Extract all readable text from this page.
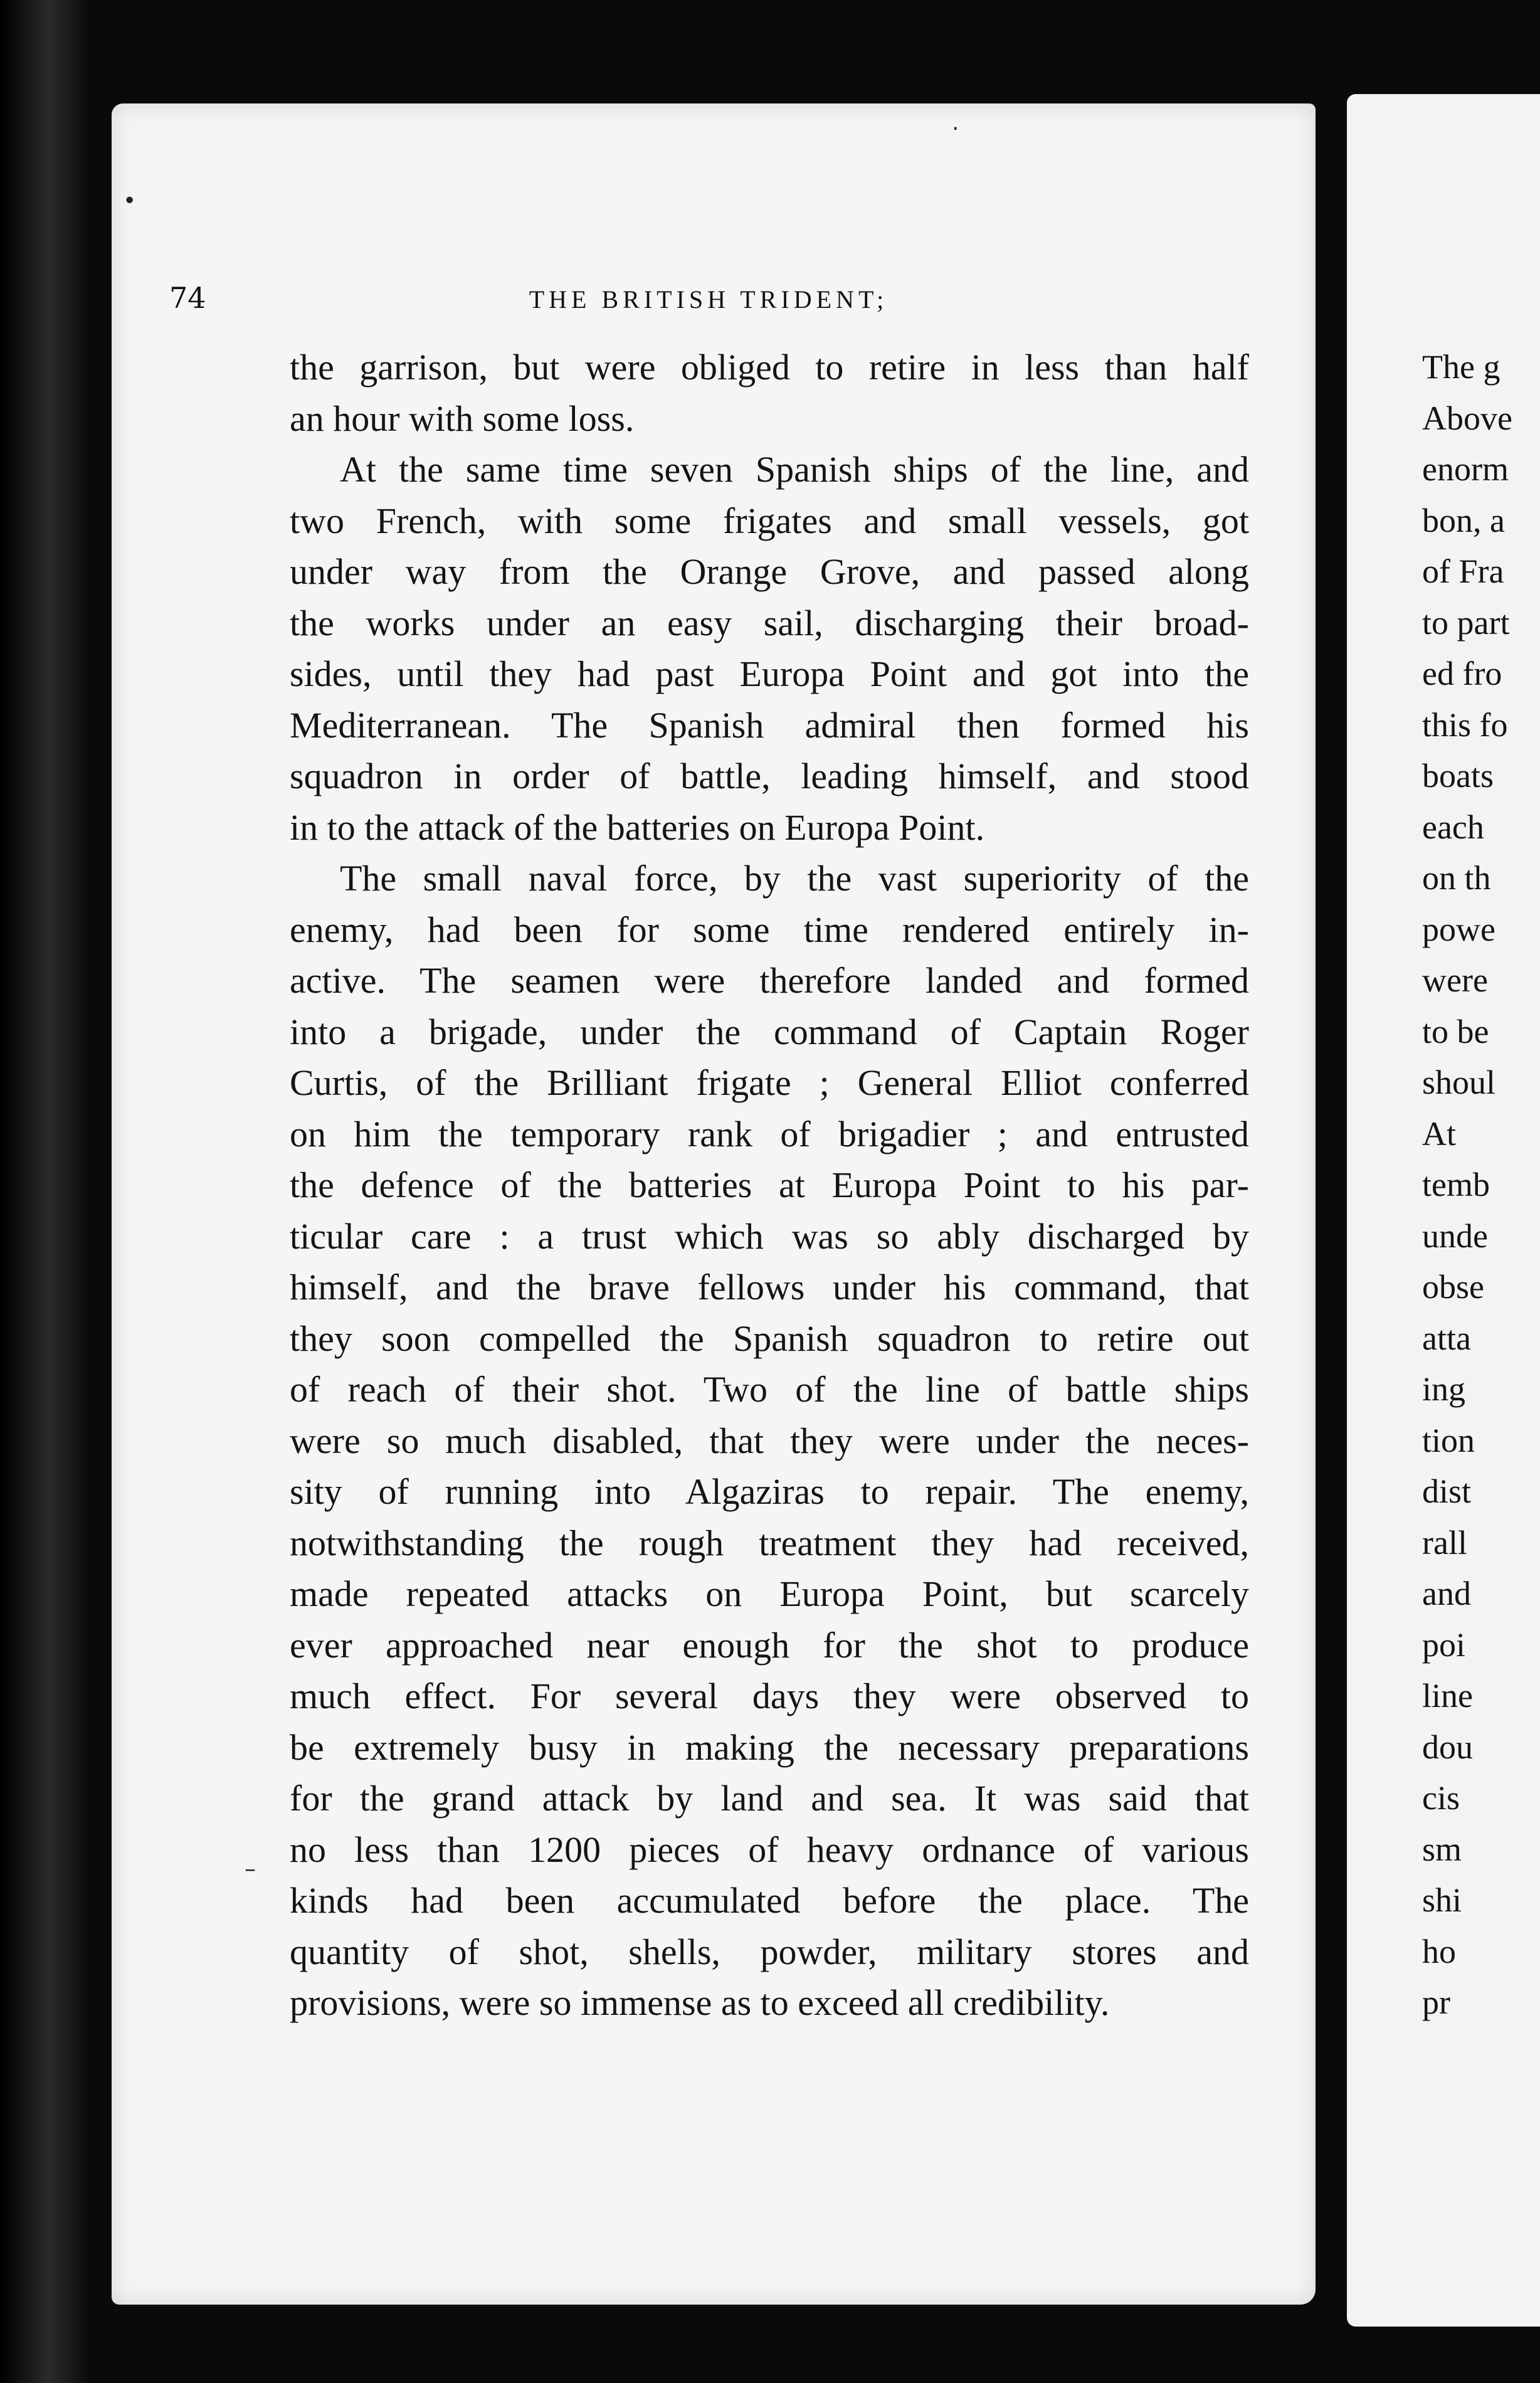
•
·
–
74	THE BRITISH TRIDENT;
the garrison, but were obliged to retire in less than half
an hour with some loss.
At the same time seven Spanish ships of the line, and
two French, with some frigates and small vessels, got
under way from the Orange Grove, and passed along
the works under an easy sail, discharging their broad-
sides, until they had past Europa Point and got into the
Mediterranean. The Spanish admiral then formed his
squadron in order of battle, leading himself, and stood
in to the attack of the batteries on Europa Point.
The small naval force, by the vast superiority of the
enemy, had been for some time rendered entirely in-
active. The seamen were therefore landed and formed
into a brigade, under the command of Captain Roger
Curtis, of the Brilliant frigate ; General Elliot conferred
on him the temporary rank of brigadier ; and entrusted
the defence of the batteries at Europa Point to his par-
ticular care : a trust which was so ably discharged by
himself, and the brave fellows under his command, that
they soon compelled the Spanish squadron to retire out
of reach of their shot. Two of the line of battle ships
were so much disabled, that they were under the neces-
sity of running into Algaziras to repair. The enemy,
notwithstanding the rough treatment they had received,
made repeated attacks on Europa Point, but scarcely
ever approached near enough for the shot to produce
much effect. For several days they were observed to
be extremely busy in making the necessary preparations
for the grand attack by land and sea. It was said that
no less than 1200 pieces of heavy ordnance of various
kinds had been accumulated before the place. The
quantity of shot, shells, powder, military stores and
provisions, were so immense as to exceed all credibility.
The g
Above
enorm
bon, a
of Fra
to part
ed fro
this fo
boats
each
on th
powe
were
to be
shoul
At
temb
unde
obse
atta
ing
tion
dist
rall
and
poi
line
dou
cis
sm
shi
ho
pr
